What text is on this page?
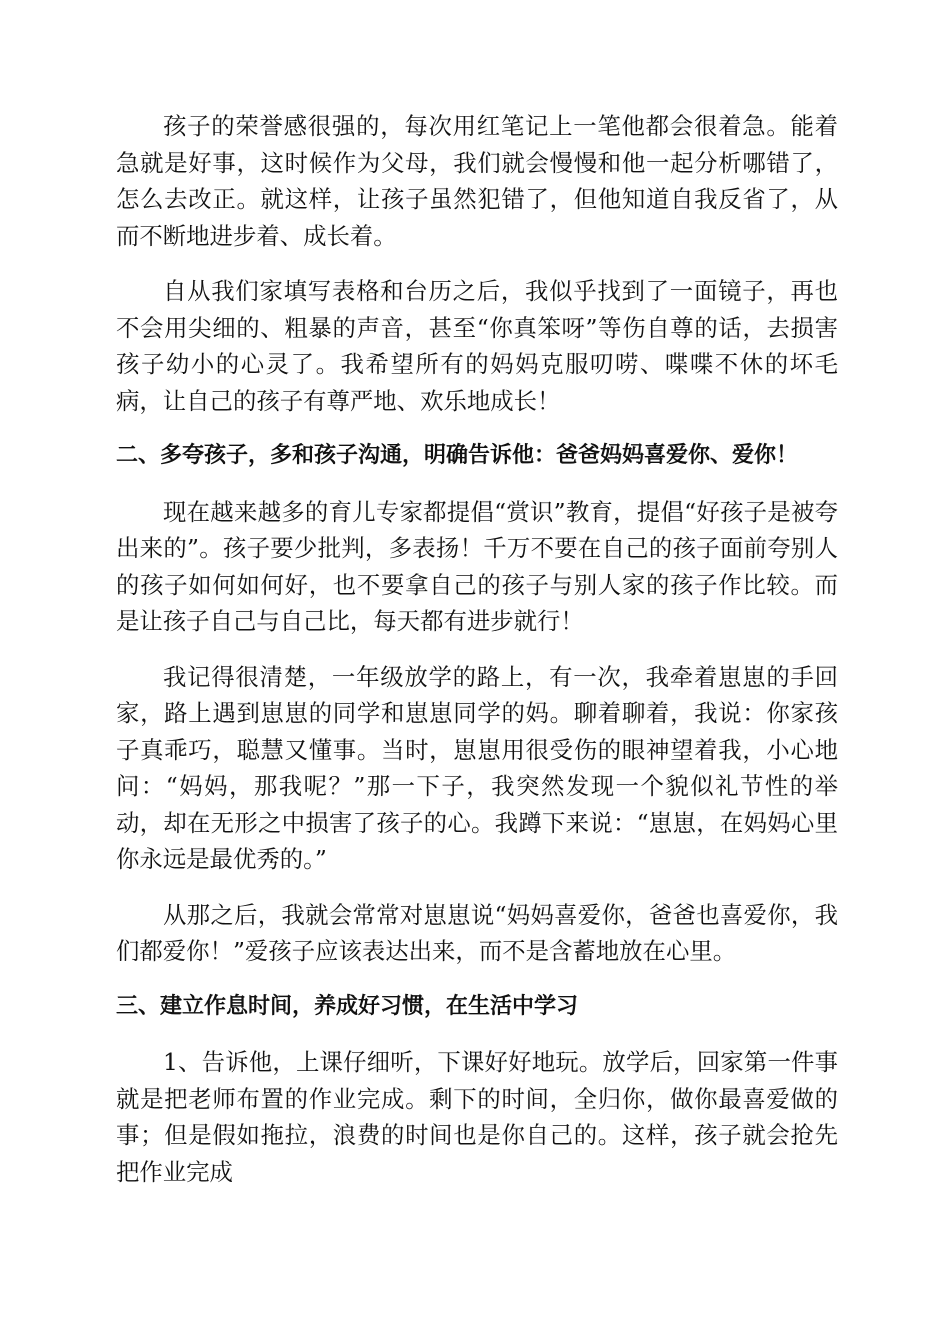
孩子的荣誉感很强的，每次用红笔记上一笔他都会很着急。能着急就是好事，这时候作为父母，我们就会慢慢和他一起分析哪错了，怎么去改正。就这样，让孩子虽然犯错了，但他知道自我反省了，从而不断地进步着、成长着。

自从我们家填写表格和台历之后，我似乎找到了一面镜子，再也不会用尖细的、粗暴的声音，甚至“你真笨呀”等伤自尊的话，去损害孩子幼小的心灵了。我希望所有的妈妈克服叨唠、喋喋不休的坏毛病，让自己的孩子有尊严地、欢乐地成长！

二、多夸孩子，多和孩子沟通，明确告诉他：爸爸妈妈喜爱你、爱你！

现在越来越多的育儿专家都提倡“赏识”教育，提倡“好孩子是被夸出来的”。孩子要少批判，多表扬！千万不要在自己的孩子面前夸别人的孩子如何如何好，也不要拿自己的孩子与别人家的孩子作比较。而是让孩子自己与自己比，每天都有进步就行！

我记得很清楚，一年级放学的路上，有一次，我牵着崽崽的手回家，路上遇到崽崽的同学和崽崽同学的妈。聊着聊着，我说：你家孩子真乖巧，聪慧又懂事。当时，崽崽用很受伤的眼神望着我，小心地问：“妈妈，那我呢？”那一下子，我突然发现一个貌似礼节性的举动，却在无形之中损害了孩子的心。我蹲下来说：“崽崽，在妈妈心里你永远是最优秀的。”

从那之后，我就会常常对崽崽说“妈妈喜爱你，爸爸也喜爱你，我们都爱你！”爱孩子应该表达出来，而不是含蓄地放在心里。

三、建立作息时间，养成好习惯，在生活中学习

1、告诉他，上课仔细听，下课好好地玩。放学后，回家第一件事就是把老师布置的作业完成。剩下的时间，全归你，做你最喜爱做的事；但是假如拖拉，浪费的时间也是你自己的。这样，孩子就会抢先把作业完成
